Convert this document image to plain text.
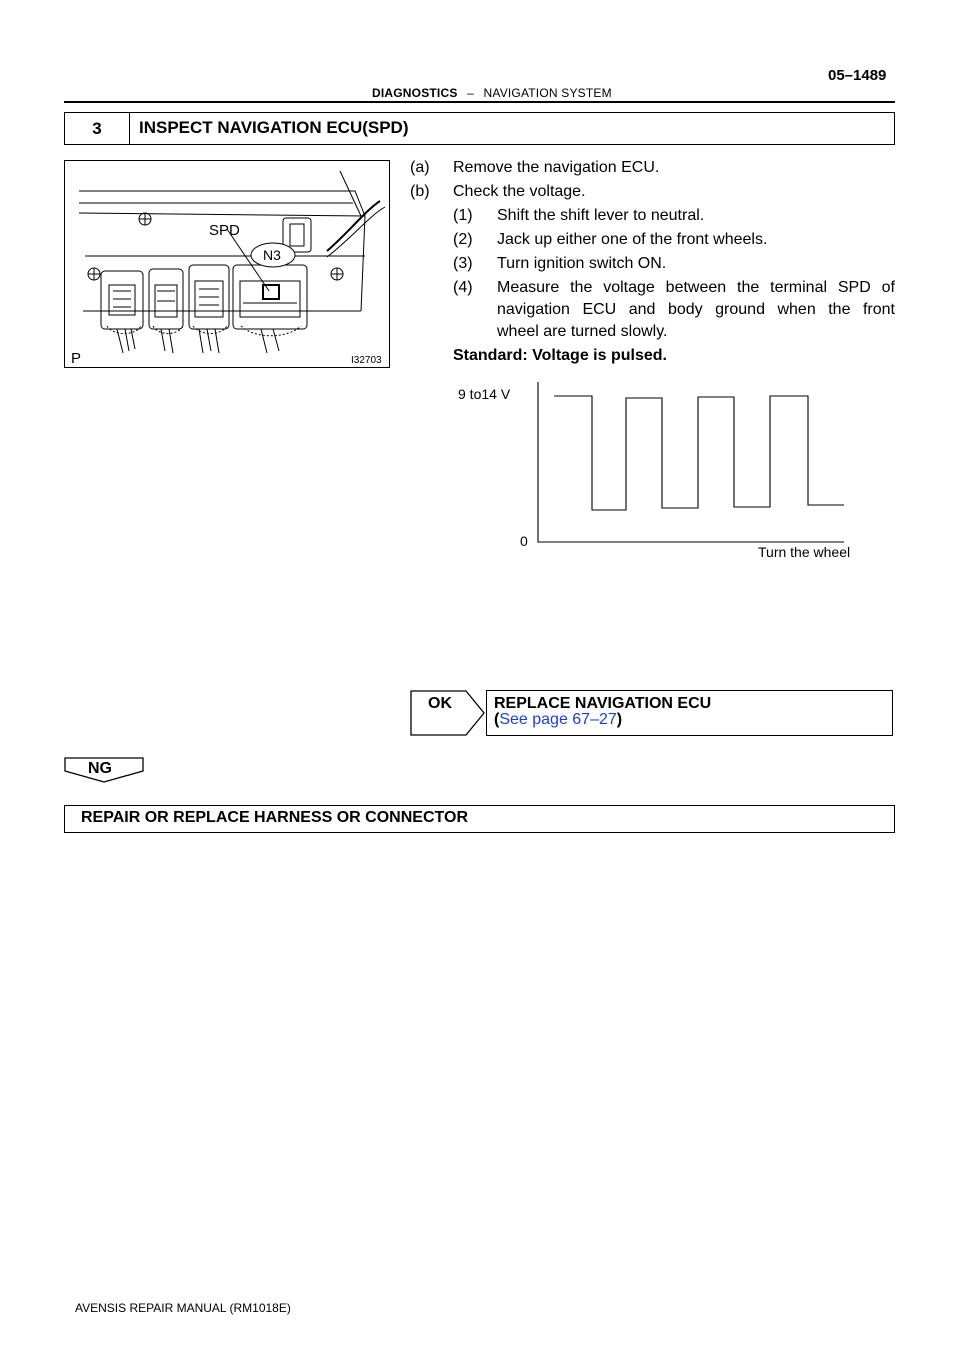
05–1489
DIAGNOSTICS – NAVIGATION SYSTEM
3	INSPECT NAVIGATION ECU(SPD)
SPD
N3
P	I32703
(a) Remove the navigation ECU.
(b) Check the voltage.
(1) Shift the shift lever to neutral.
(2) Jack up either one of the front wheels.
(3) Turn ignition switch ON.
(4) Measure the voltage between the terminal SPD of
navigation ECU and body ground when the front
wheel are turned slowly.
Standard: Voltage is pulsed.
9 to14 V
0
Turn the wheel
OK	REPLACE NAVIGATION ECU
(See page 67–27)
NG
REPAIR OR REPLACE HARNESS OR CONNECTOR
AVENSIS REPAIR MANUAL (RM1018E)
